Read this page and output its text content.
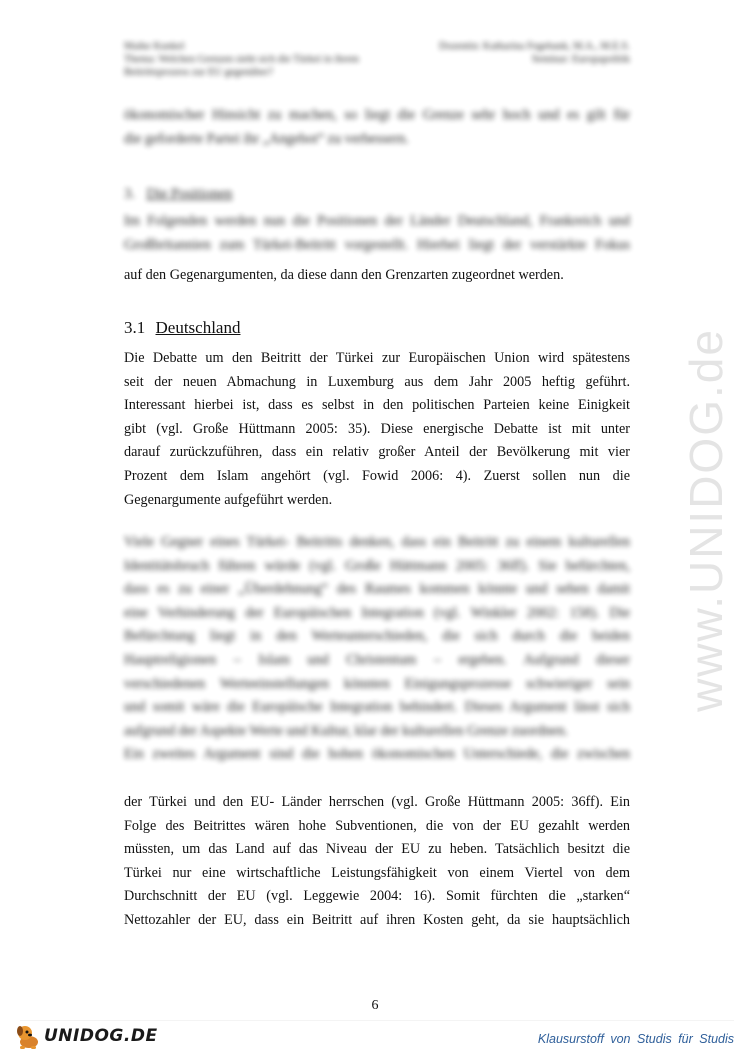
www.UNIDOG.de
Maike Kunkel	Dozentin: Katharina Fegebank, M.A., M.E.S.
Thema: Welchen Grenzen sieht sich die Türkei in ihrem	Seminar: Europapolitik
Beitrittsprozess zur EU gegenüber?
ökonomischer Hinsicht zu machen, so liegt die Grenze sehr hoch und es gilt für
die geforderte Partei ihr „Angebot“ zu verbessern.
3. Die Positionen
Im Folgenden werden nun die Positionen der Länder Deutschland, Frankreich und
Großbritannien zum Türkei-Beitritt vorgestellt. Hierbei liegt der verstärkte Fokus
auf den Gegenargumenten, da diese dann den Grenzarten zugeordnet werden.
3.1 Deutschland
Die Debatte um den Beitritt der Türkei zur Europäischen Union wird spätestens
seit der neuen Abmachung in Luxemburg aus dem Jahr 2005 heftig geführt.
Interessant hierbei ist, dass es selbst in den politischen Parteien keine Einigkeit
gibt (vgl. Große Hüttmann 2005: 35). Diese energische Debatte ist mit unter
darauf zurückzuführen, dass ein relativ großer Anteil der Bevölkerung mit vier
Prozent dem Islam angehört (vgl. Fowid 2006: 4). Zuerst sollen nun die
Gegenargumente aufgeführt werden.
Viele Gegner eines Türkei- Beitritts denken, dass ein Beitritt zu einem kulturellen
Identitätsbruch führen würde (vgl. Große Hüttmann 2005: 36ff). Sie befürchten,
dass es zu einer „Überdehnung“ des Raumes kommen könnte und sehen damit
eine Verhinderung der Europäischen Integration (vgl. Winkler 2002: 158). Die
Befürchtung liegt in den Werteunterschieden, die sich durch die beiden
Hauptreligionen – Islam und Christentum – ergeben. Aufgrund dieser
verschiedenen Werteeinstellungen könnten Einigungsprozesse schwieriger sein
und somit wäre die Europäische Integration behindert. Dieses Argument lässt sich
aufgrund der Aspekte Werte und Kultur, klar der kulturellen Grenze zuordnen.
Ein zweites Argument sind die hohen ökonomischen Unterschiede, die zwischen
der Türkei und den EU- Länder herrschen (vgl. Große Hüttmann 2005: 36ff). Ein
Folge des Beitrittes wären hohe Subventionen, die von der EU gezahlt werden
müssten, um das Land auf das Niveau der EU zu heben. Tatsächlich besitzt die
Türkei nur eine wirtschaftliche Leistungsfähigkeit von einem Viertel von dem
Durchschnitt der EU (vgl. Leggewie 2004: 16). Somit fürchten die „starken“
Nettozahler der EU, dass ein Beitritt auf ihren Kosten geht, da sie hauptsächlich
6
UNIDOG.DE	Klausurstoff von Studis für Studis
